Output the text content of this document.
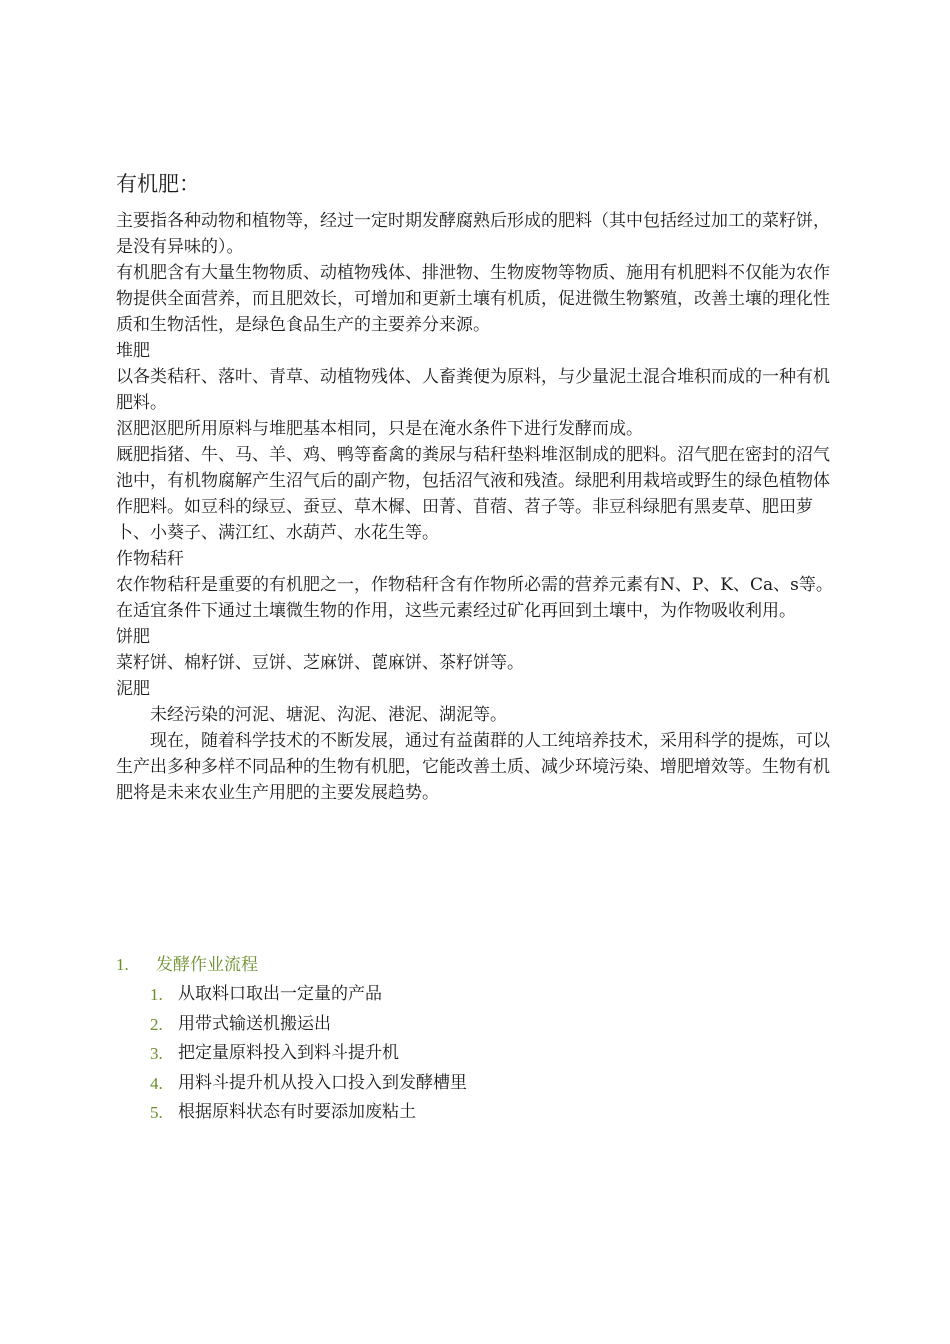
有机肥：

主要指各种动物和植物等，经过一定时期发酵腐熟后形成的肥料（其中包括经过加工的菜籽饼，是没有异味的）。

有机肥含有大量生物物质、动植物残体、排泄物、生物废物等物质、施用有机肥料不仅能为农作物提供全面营养，而且肥效长，可增加和更新土壤有机质，促进微生物繁殖，改善土壤的理化性质和生物活性，是绿色食品生产的主要养分来源。

堆肥

以各类秸秆、落叶、青草、动植物残体、人畜粪便为原料，与少量泥土混合堆积而成的一种有机肥料。

沤肥沤肥所用原料与堆肥基本相同，只是在淹水条件下进行发酵而成。

厩肥指猪、牛、马、羊、鸡、鸭等畜禽的粪尿与秸秆垫料堆沤制成的肥料。沼气肥在密封的沼气池中，有机物腐解产生沼气后的副产物，包括沼气液和残渣。绿肥利用栽培或野生的绿色植物体作肥料。如豆科的绿豆、蚕豆、草木樨、田菁、苜蓿、苕子等。非豆科绿肥有黑麦草、肥田萝卜、小葵子、满江红、水葫芦、水花生等。

作物秸秆

农作物秸秆是重要的有机肥之一，作物秸秆含有作物所必需的营养元素有N、P、K、Ca、s等。在适宜条件下通过土壤微生物的作用，这些元素经过矿化再回到土壤中，为作物吸收利用。

饼肥

菜籽饼、棉籽饼、豆饼、芝麻饼、蓖麻饼、茶籽饼等。

泥肥

未经污染的河泥、塘泥、沟泥、港泥、湖泥等。

现在，随着科学技术的不断发展，通过有益菌群的人工纯培养技术，采用科学的提炼，可以生产出多种多样不同品种的生物有机肥，它能改善土质、减少环境污染、增肥增效等。生物有机肥将是未来农业生产用肥的主要发展趋势。

1.	发酵作业流程
1. 从取料口取出一定量的产品
2. 用带式输送机搬运出
3. 把定量原料投入到料斗提升机
4. 用料斗提升机从投入口投入到发酵槽里
5. 根据原料状态有时要添加废粘土
